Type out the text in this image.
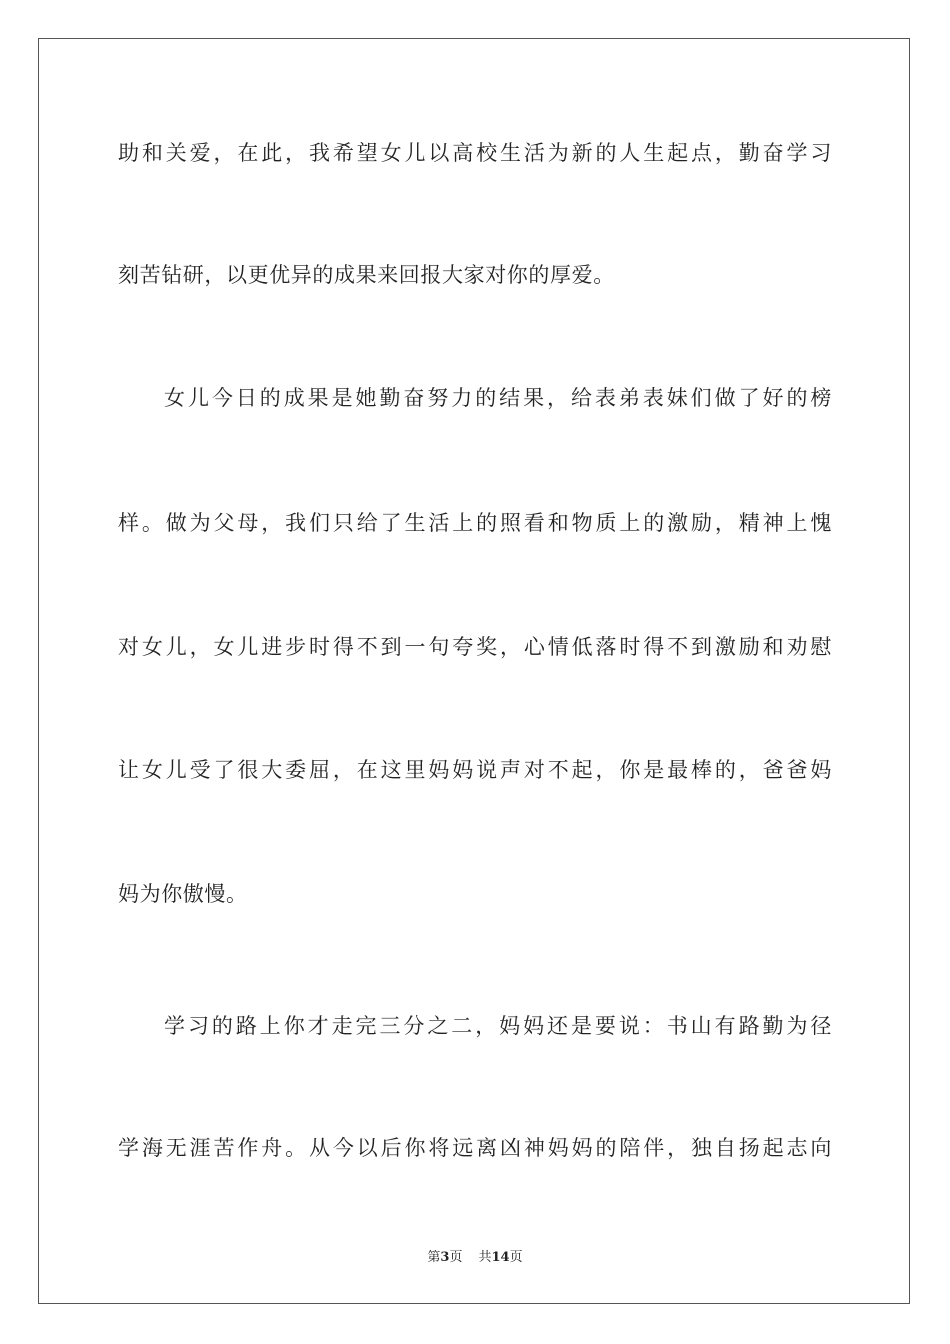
助和关爱，在此，我希望女儿以高校生活为新的人生起点，勤奋学习
刻苦钻研，以更优异的成果来回报大家对你的厚爱。
女儿今日的成果是她勤奋努力的结果，给表弟表妹们做了好的榜
样。做为父母，我们只给了生活上的照看和物质上的激励，精神上愧
对女儿，女儿进步时得不到一句夸奖，心情低落时得不到激励和劝慰
让女儿受了很大委屈，在这里妈妈说声对不起，你是最棒的，爸爸妈
妈为你傲慢。
学习的路上你才走完三分之二，妈妈还是要说：书山有路勤为径
学海无涯苦作舟。从今以后你将远离凶神妈妈的陪伴，独自扬起志向
第3页 共14页
